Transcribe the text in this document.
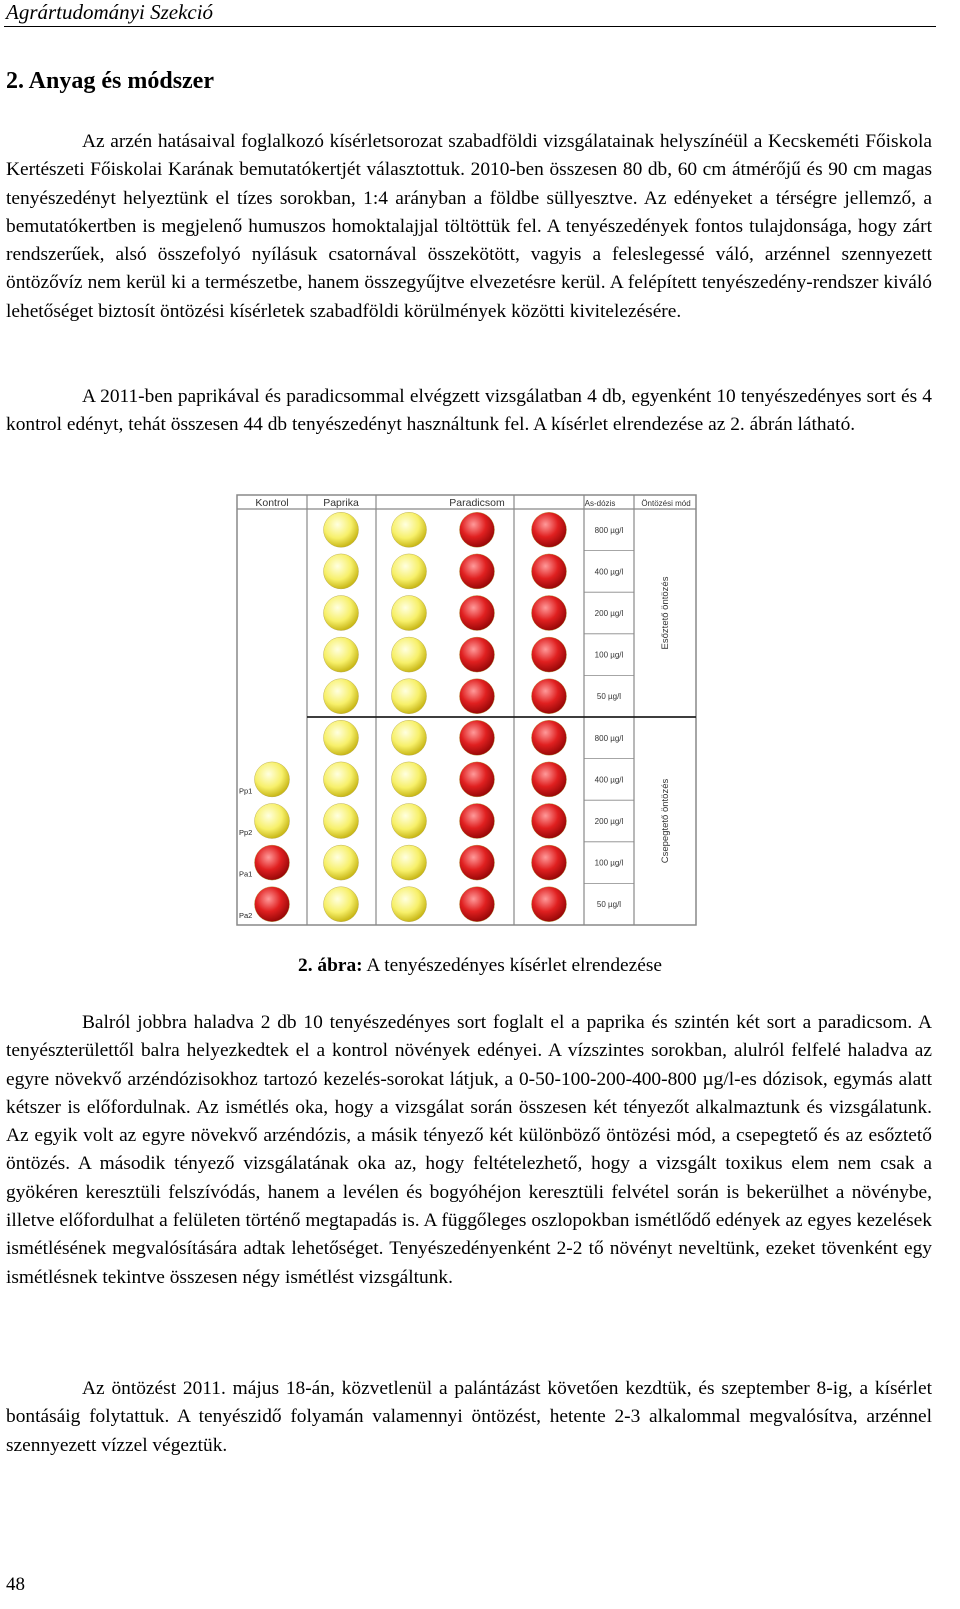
Agrártudományi Szekció
2. Anyag és módszer

Az arzén hatásaival foglalkozó kísérletsorozat szabadföldi vizsgálatainak helyszínéül a Kecskeméti Főiskola Kertészeti Főiskolai Karának bemutatókertjét választottuk. 2010-ben összesen 80 db, 60 cm átmérőjű és 90 cm magas tenyészedényt helyeztünk el tízes sorokban, 1:4 arányban a földbe süllyesztve. Az edényeket a térségre jellemző, a bemutatókertben is megjelenő humuszos homoktalajjal töltöttük fel. A tenyészedények fontos tulajdonsága, hogy zárt rendszerűek, alsó összefolyó nyílásuk csatornával összekötött, vagyis a feleslegessé váló, arzénnel szennyezett öntözővíz nem kerül ki a természetbe, hanem összegyűjtve elvezetésre kerül. A felépített tenyészedény-rendszer kiváló lehetőséget biztosít öntözési kísérletek szabadföldi körülmények közötti kivitelezésére.

A 2011-ben paprikával és paradicsommal elvégzett vizsgálatban 4 db, egyenként 10 tenyészedényes sort és 4 kontrol edényt, tehát összesen 44 db tenyészedényt használtunk fel. A kísérlet elrendezése az 2. ábrán látható.

Kontrol	Paprika	Paradicsom	As-dózis	Öntözési mód
Pp1
Pp2
Pa1
Pa2
800 µg/l
400 µg/l
200 µg/l
100 µg/l
50 µg/l
800 µg/l
400 µg/l
200 µg/l
100 µg/l
50 µg/l
Esőztető öntözés
Csepegtető öntözés
2. ábra: A tenyészedényes kísérlet elrendezése

Balról jobbra haladva 2 db 10 tenyészedényes sort foglalt el a paprika és szintén két sort a paradicsom. A tenyészterülettől balra helyezkedtek el a kontrol növények edényei. A vízszintes sorokban, alulról felfelé haladva az egyre növekvő arzéndózisokhoz tartozó kezelés-sorokat látjuk, a 0-50-100-200-400-800 µg/l-es dózisok, egymás alatt kétszer is előfordulnak. Az ismétlés oka, hogy a vizsgálat során összesen két tényezőt alkalmaztunk és vizsgálatunk. Az egyik volt az egyre növekvő arzéndózis, a másik tényező két különböző öntözési mód, a csepegtető és az esőztető öntözés. A második tényező vizsgálatának oka az, hogy feltételezhető, hogy a vizsgált toxikus elem nem csak a gyökéren keresztüli felszívódás, hanem a levélen és bogyóhéjon keresztüli felvétel során is bekerülhet a növénybe, illetve előfordulhat a felületen történő megtapadás is. A függőleges oszlopokban ismétlődő edények az egyes kezelések ismétlésének megvalósítására adtak lehetőséget. Tenyészedényenként 2-2 tő növényt neveltünk, ezeket tövenként egy ismétlésnek tekintve összesen négy ismétlést vizsgáltunk.

Az öntözést 2011. május 18-án, közvetlenül a palántázást követően kezdtük, és szeptember 8-ig, a kísérlet bontásáig folytattuk. A tenyészidő folyamán valamennyi öntözést, hetente 2-3 alkalommal megvalósítva, arzénnel szennyezett vízzel végeztük.

48
